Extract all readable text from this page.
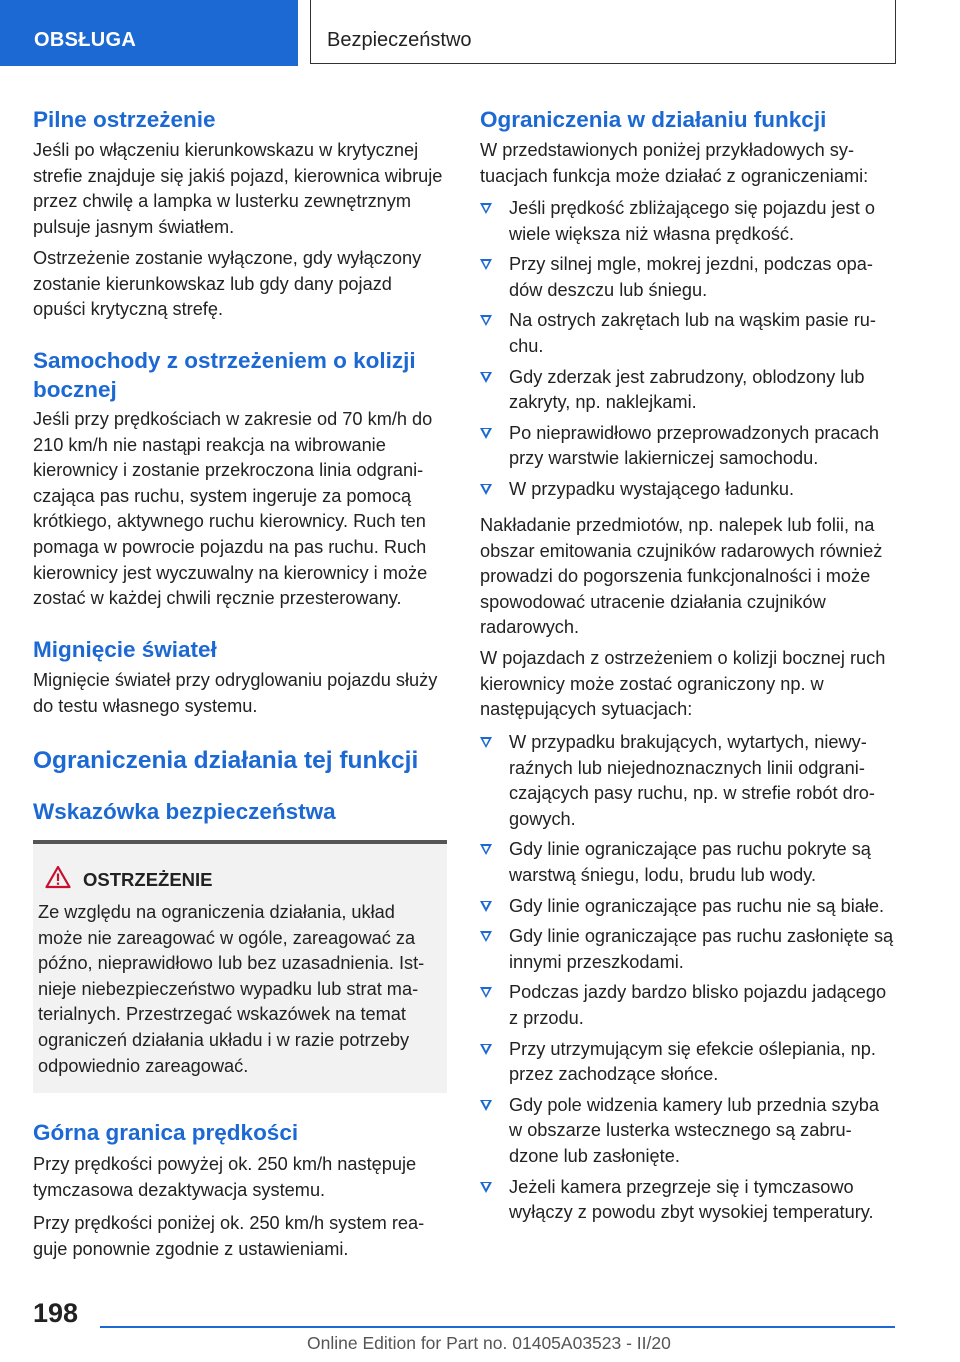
OBSŁUGA	Bezpieczeństwo
Pilne ostrzeżenie

Jeśli po włączeniu kierunkowskazu w krytycznej strefie znajduje się jakiś pojazd, kierownica wibruje przez chwilę a lampka w lusterku zewnętrznym pulsuje jasnym światłem.

Ostrzeżenie zostanie wyłączone, gdy wyłączony zostanie kierunkowskaz lub gdy dany pojazd opuści krytyczną strefę.

Samochody z ostrzeżeniem o kolizji bocznej

Jeśli przy prędkościach w zakresie od 70 km/h do 210 km/h nie nastąpi reakcja na wibrowanie kierownicy i zostanie przekroczona linia odgraniczająca pas ruchu, system ingeruje za pomocą krótkiego, aktywnego ruchu kierownicy. Ruch ten pomaga w powrocie pojazdu na pas ruchu. Ruch kierownicy jest wyczuwalny na kierownicy i może zostać w każdej chwili ręcznie przesterowany.

Mignięcie świateł

Mignięcie świateł przy odryglowaniu pojazdu służy do testu własnego systemu.

Ograniczenia działania tej funkcji
Wskazówka bezpieczeństwa
OSTRZEŻENIE

Ze względu na ograniczenia działania, układ może nie zareagować w ogóle, zareagować za późno, nieprawidłowo lub bez uzasadnienia. Istnieje niebezpieczeństwo wypadku lub strat materialnych. Przestrzegać wskazówek na temat ograniczeń działania układu i w razie potrzeby odpowiednio zareagować.

Górna granica prędkości

Przy prędkości powyżej ok. 250 km/h następuje tymczasowa dezaktywacja systemu.

Przy prędkości poniżej ok. 250 km/h system reaguje ponownie zgodnie z ustawieniami.

Ograniczenia w działaniu funkcji

W przedstawionych poniżej przykładowych sytuacjach funkcja może działać z ograniczeniami:

Jeśli prędkość zbliżającego się pojazdu jest o wiele większa niż własna prędkość.
Przy silnej mgle, mokrej jezdni, podczas opadów deszczu lub śniegu.
Na ostrych zakrętach lub na wąskim pasie ruchu.
Gdy zderzak jest zabrudzony, oblodzony lub zakryty, np. naklejkami.
Po nieprawidłowo przeprowadzonych pracach przy warstwie lakierniczej samochodu.
W przypadku wystającego ładunku.

Nakładanie przedmiotów, np. nalepek lub folii, na obszar emitowania czujników radarowych również prowadzi do pogorszenia funkcjonalności i może spowodować utracenie działania czujników radarowych.

W pojazdach z ostrzeżeniem o kolizji bocznej ruch kierownicy może zostać ograniczony np. w następujących sytuacjach:

W przypadku brakujących, wytartych, niewyraźnych lub niejednoznacznych linii odgraniczających pasy ruchu, np. w strefie robót drogowych.
Gdy linie ograniczające pas ruchu pokryte są warstwą śniegu, lodu, brudu lub wody.
Gdy linie ograniczające pas ruchu nie są białe.
Gdy linie ograniczające pas ruchu zasłonięte są innymi przeszkodami.
Podczas jazdy bardzo blisko pojazdu jadącego z przodu.
Przy utrzymującym się efekcie oślepiania, np. przez zachodzące słońce.
Gdy pole widzenia kamery lub przednia szyba w obszarze lusterka wstecznego są zabrudzone lub zasłonięte.
Jeżeli kamera przegrzeje się i tymczasowo wyłączy z powodu zbyt wysokiej temperatury.
198
Online Edition for Part no. 01405A03523 - II/20
